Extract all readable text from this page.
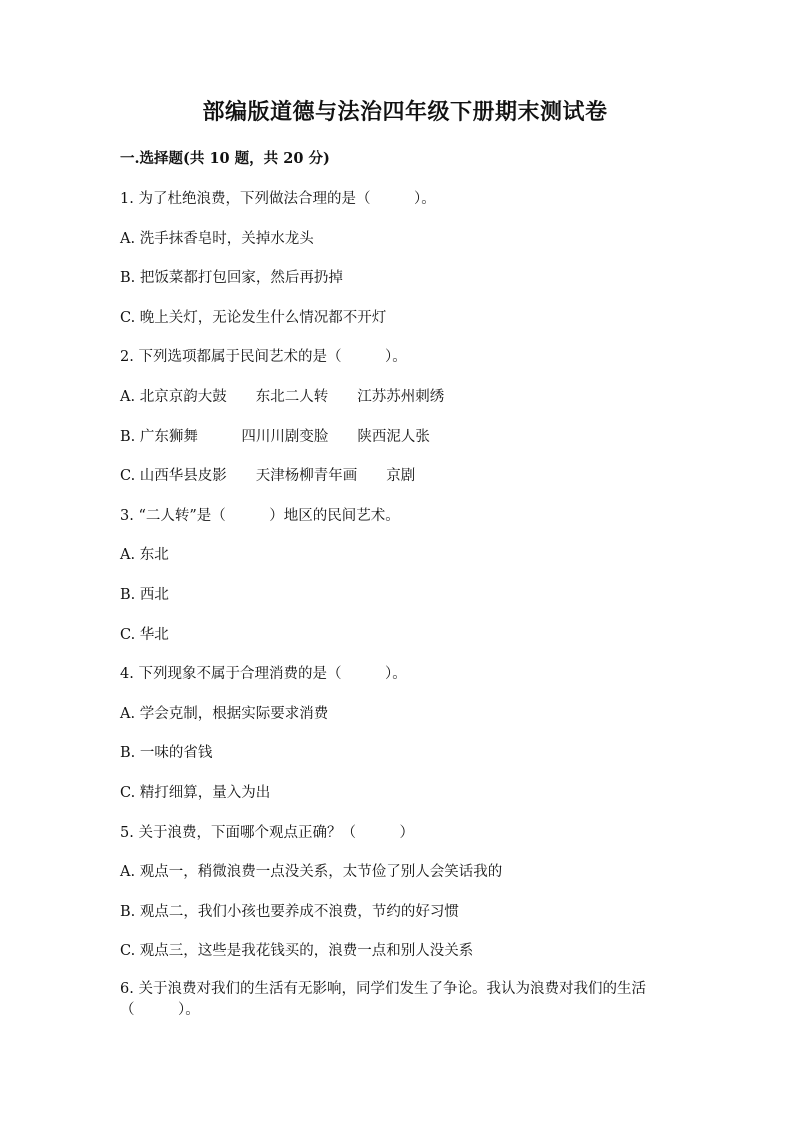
部编版道德与法治四年级下册期末测试卷
一.选择题(共 10 题，共 20 分)
1. 为了杜绝浪费，下列做法合理的是（　　　）。
A. 洗手抹香皂时，关掉水龙头
B. 把饭菜都打包回家，然后再扔掉
C. 晚上关灯，无论发生什么情况都不开灯
2. 下列选项都属于民间艺术的是（　　　）。
A. 北京京韵大鼓　　东北二人转　　江苏苏州刺绣
B. 广东狮舞　　　四川川剧变脸　　陕西泥人张
C. 山西华县皮影　　天津杨柳青年画　　京剧
3. “二人转”是（　　　）地区的民间艺术。
A. 东北
B. 西北
C. 华北
4. 下列现象不属于合理消费的是（　　　）。
A. 学会克制，根据实际要求消费
B. 一味的省钱
C. 精打细算，量入为出
5. 关于浪费，下面哪个观点正确？（　　　）
A. 观点一，稍微浪费一点没关系，太节俭了别人会笑话我的
B. 观点二，我们小孩也要养成不浪费，节约的好习惯
C. 观点三，这些是我花钱买的，浪费一点和别人没关系
6. 关于浪费对我们的生活有无影响，同学们发生了争论。我认为浪费对我们的生活（　　　）。
